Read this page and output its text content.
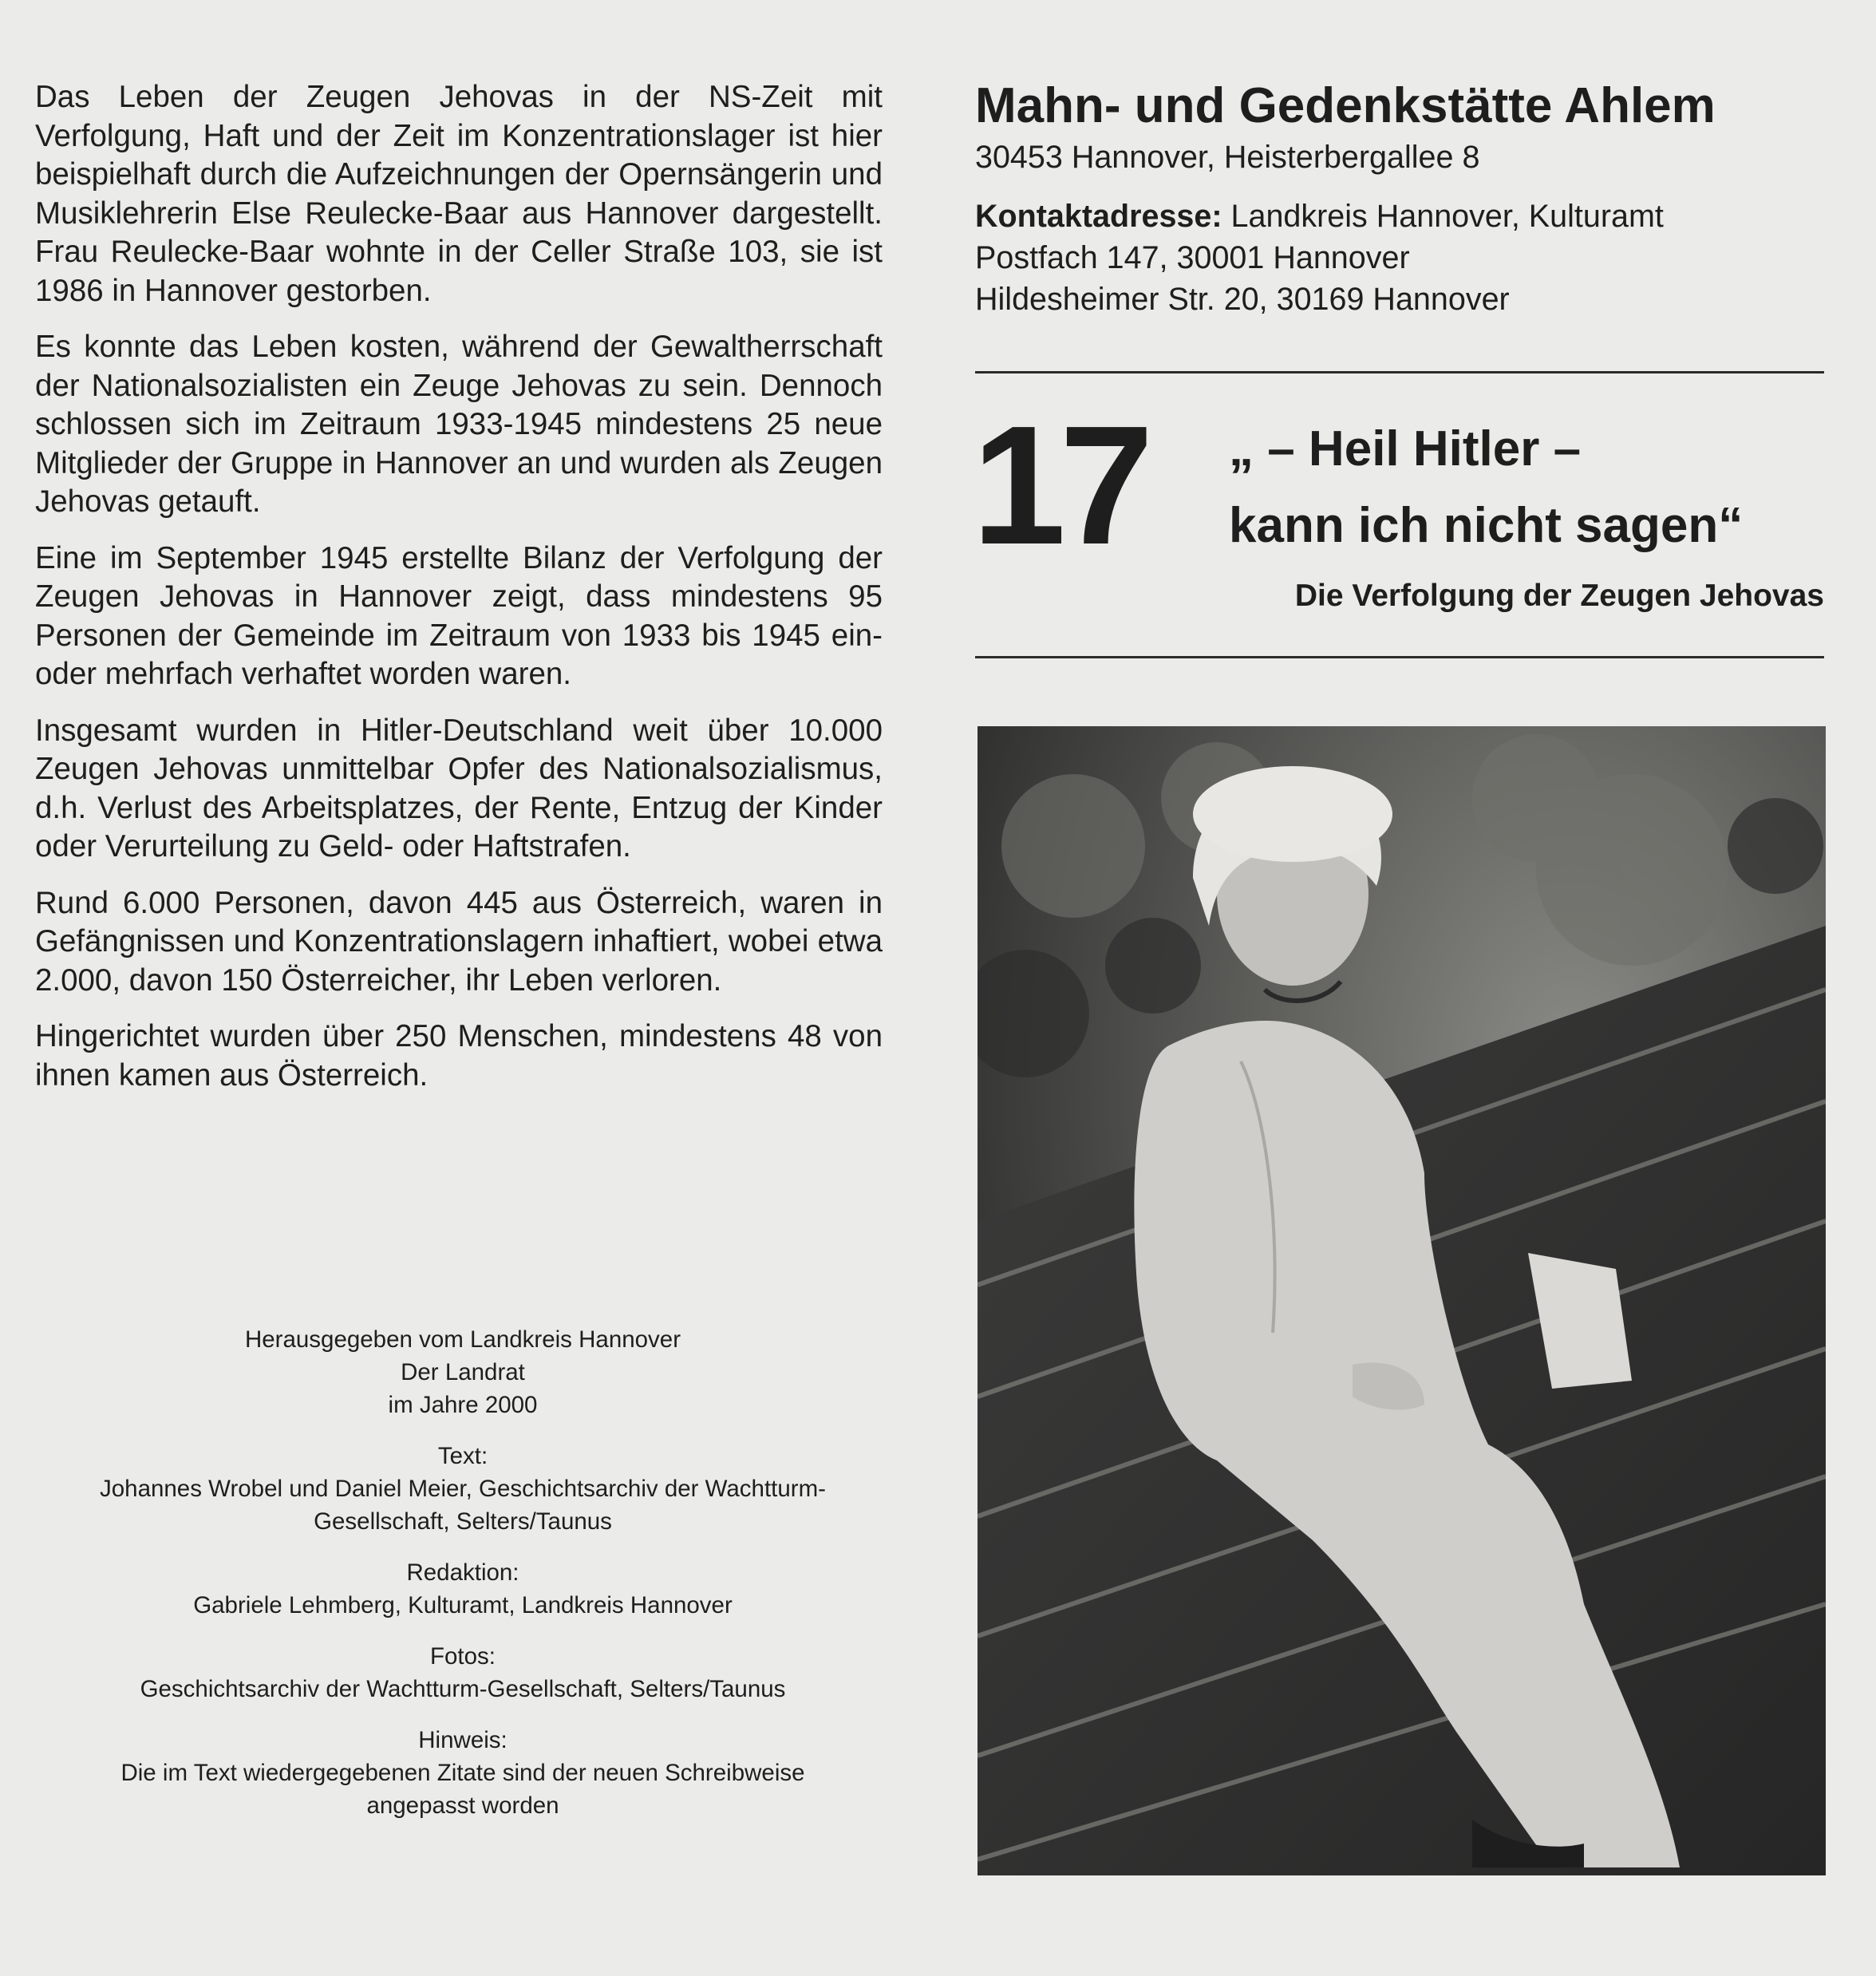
Das Leben der Zeugen Jehovas in der NS-Zeit mit Verfolgung, Haft und der Zeit im Konzentrationslager ist hier beispielhaft durch die Aufzeichnungen der Opernsängerin und Musiklehrerin Else Reulecke-Baar aus Hannover dargestellt. Frau Reulecke-Baar wohnte in der Celler Straße 103, sie ist 1986 in Hannover gestorben.

Es konnte das Leben kosten, während der Gewaltherrschaft der Nationalsozialisten ein Zeuge Jehovas zu sein. Dennoch schlossen sich im Zeitraum 1933-1945 mindestens 25 neue Mitglieder der Gruppe in Hannover an und wurden als Zeugen Jehovas getauft.

Eine im September 1945 erstellte Bilanz der Verfolgung der Zeugen Jehovas in Hannover zeigt, dass mindestens 95 Personen der Gemeinde im Zeitraum von 1933 bis 1945 ein- oder mehrfach verhaftet worden waren.

Insgesamt wurden in Hitler-Deutschland weit über 10.000 Zeugen Jehovas unmittelbar Opfer des Nationalsozialismus, d.h. Verlust des Arbeitsplatzes, der Rente, Entzug der Kinder oder Verurteilung zu Geld- oder Haftstrafen.

Rund 6.000 Personen, davon 445 aus Österreich, waren in Gefängnissen und Konzentrationslagern inhaftiert, wobei etwa 2.000, davon 150 Österreicher, ihr Leben verloren.

Hingerichtet wurden über 250 Menschen, mindestens 48 von ihnen kamen aus Österreich.

Herausgegeben vom Landkreis Hannover
Der Landrat
im Jahre 2000
Text:
Johannes Wrobel und Daniel Meier, Geschichtsarchiv der Wachtturm-
Gesellschaft, Selters/Taunus
Redaktion:
Gabriele Lehmberg, Kulturamt, Landkreis Hannover
Fotos:
Geschichtsarchiv der Wachtturm-Gesellschaft, Selters/Taunus
Hinweis:
Die im Text wiedergegebenen Zitate sind der neuen Schreibweise
angepasst worden
Mahn- und Gedenkstätte Ahlem
30453 Hannover, Heisterbergallee 8
Kontaktadresse: Landkreis Hannover, Kulturamt
Postfach 147, 30001 Hannover
Hildesheimer Str. 20, 30169 Hannover
17 „ – Heil Hitler –
kann ich nicht sagen“
Die Verfolgung der Zeugen Jehovas
